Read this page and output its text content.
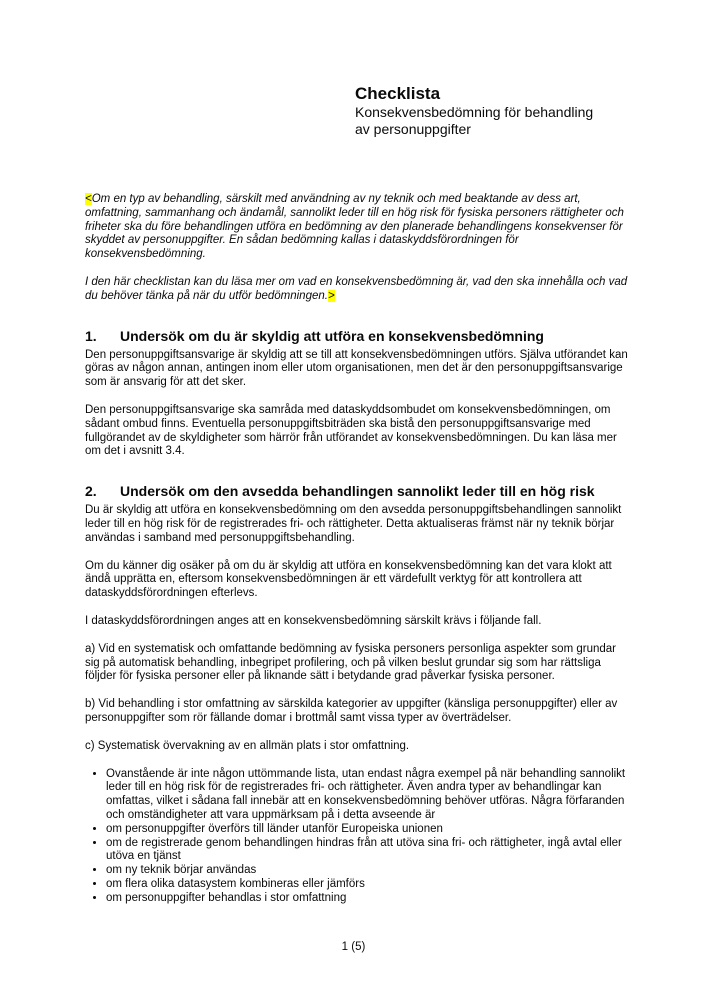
Checklista

Konsekvensbedömning för behandling
av personuppgifter

<Om en typ av behandling, särskilt med användning av ny teknik och med beaktande av dess art, omfattning, sammanhang och ändamål, sannolikt leder till en hög risk för fysiska personers rättigheter och friheter ska du före behandlingen utföra en bedömning av den planerade behandlingens konsekvenser för skyddet av personuppgifter. En sådan bedömning kallas i dataskyddsförordningen för konsekvensbedömning.

I den här checklistan kan du läsa mer om vad en konsekvensbedömning är, vad den ska innehålla och vad du behöver tänka på när du utför bedömningen.>

1.	Undersök om du är skyldig att utföra en konsekvensbedömning

Den personuppgiftsansvarige är skyldig att se till att konsekvensbedömningen utförs. Själva utförandet kan göras av någon annan, antingen inom eller utom organisationen, men det är den personuppgiftsansvarige som är ansvarig för att det sker.

Den personuppgiftsansvarige ska samråda med dataskyddsombudet om konsekvensbedömningen, om sådant ombud finns. Eventuella personuppgiftsbiträden ska bistå den personuppgiftsansvarige med fullgörandet av de skyldigheter som härrör från utförandet av konsekvensbedömningen. Du kan läsa mer om det i avsnitt 3.4.

2.	Undersök om den avsedda behandlingen sannolikt leder till en hög risk

Du är skyldig att utföra en konsekvensbedömning om den avsedda personuppgiftsbehandlingen sannolikt leder till en hög risk för de registrerades fri- och rättigheter. Detta aktualiseras främst när ny teknik börjar användas i samband med personuppgiftsbehandling.

Om du känner dig osäker på om du är skyldig att utföra en konsekvensbedömning kan det vara klokt att ändå upprätta en, eftersom konsekvensbedömningen är ett värdefullt verktyg för att kontrollera att dataskyddsförordningen efterlevs.

I dataskyddsförordningen anges att en konsekvensbedömning särskilt krävs i följande fall.

a) Vid en systematisk och omfattande bedömning av fysiska personers personliga aspekter som grundar sig på automatisk behandling, inbegripet profilering, och på vilken beslut grundar sig som har rättsliga följder för fysiska personer eller på liknande sätt i betydande grad påverkar fysiska personer.

b) Vid behandling i stor omfattning av särskilda kategorier av uppgifter (känsliga personuppgifter) eller av personuppgifter som rör fällande domar i brottmål samt vissa typer av överträdelser.

c) Systematisk övervakning av en allmän plats i stor omfattning.

• Ovanstående är inte någon uttömmande lista, utan endast några exempel på när behandling sannolikt leder till en hög risk för de registrerades fri- och rättigheter. Även andra typer av behandlingar kan omfattas, vilket i sådana fall innebär att en konsekvensbedömning behöver utföras. Några förfaranden och omständigheter att vara uppmärksam på i detta avseende är
• om personuppgifter överförs till länder utanför Europeiska unionen
• om de registrerade genom behandlingen hindras från att utöva sina fri- och rättigheter, ingå avtal eller utöva en tjänst
• om ny teknik börjar användas
• om flera olika datasystem kombineras eller jämförs
• om personuppgifter behandlas i stor omfattning
1 (5)
